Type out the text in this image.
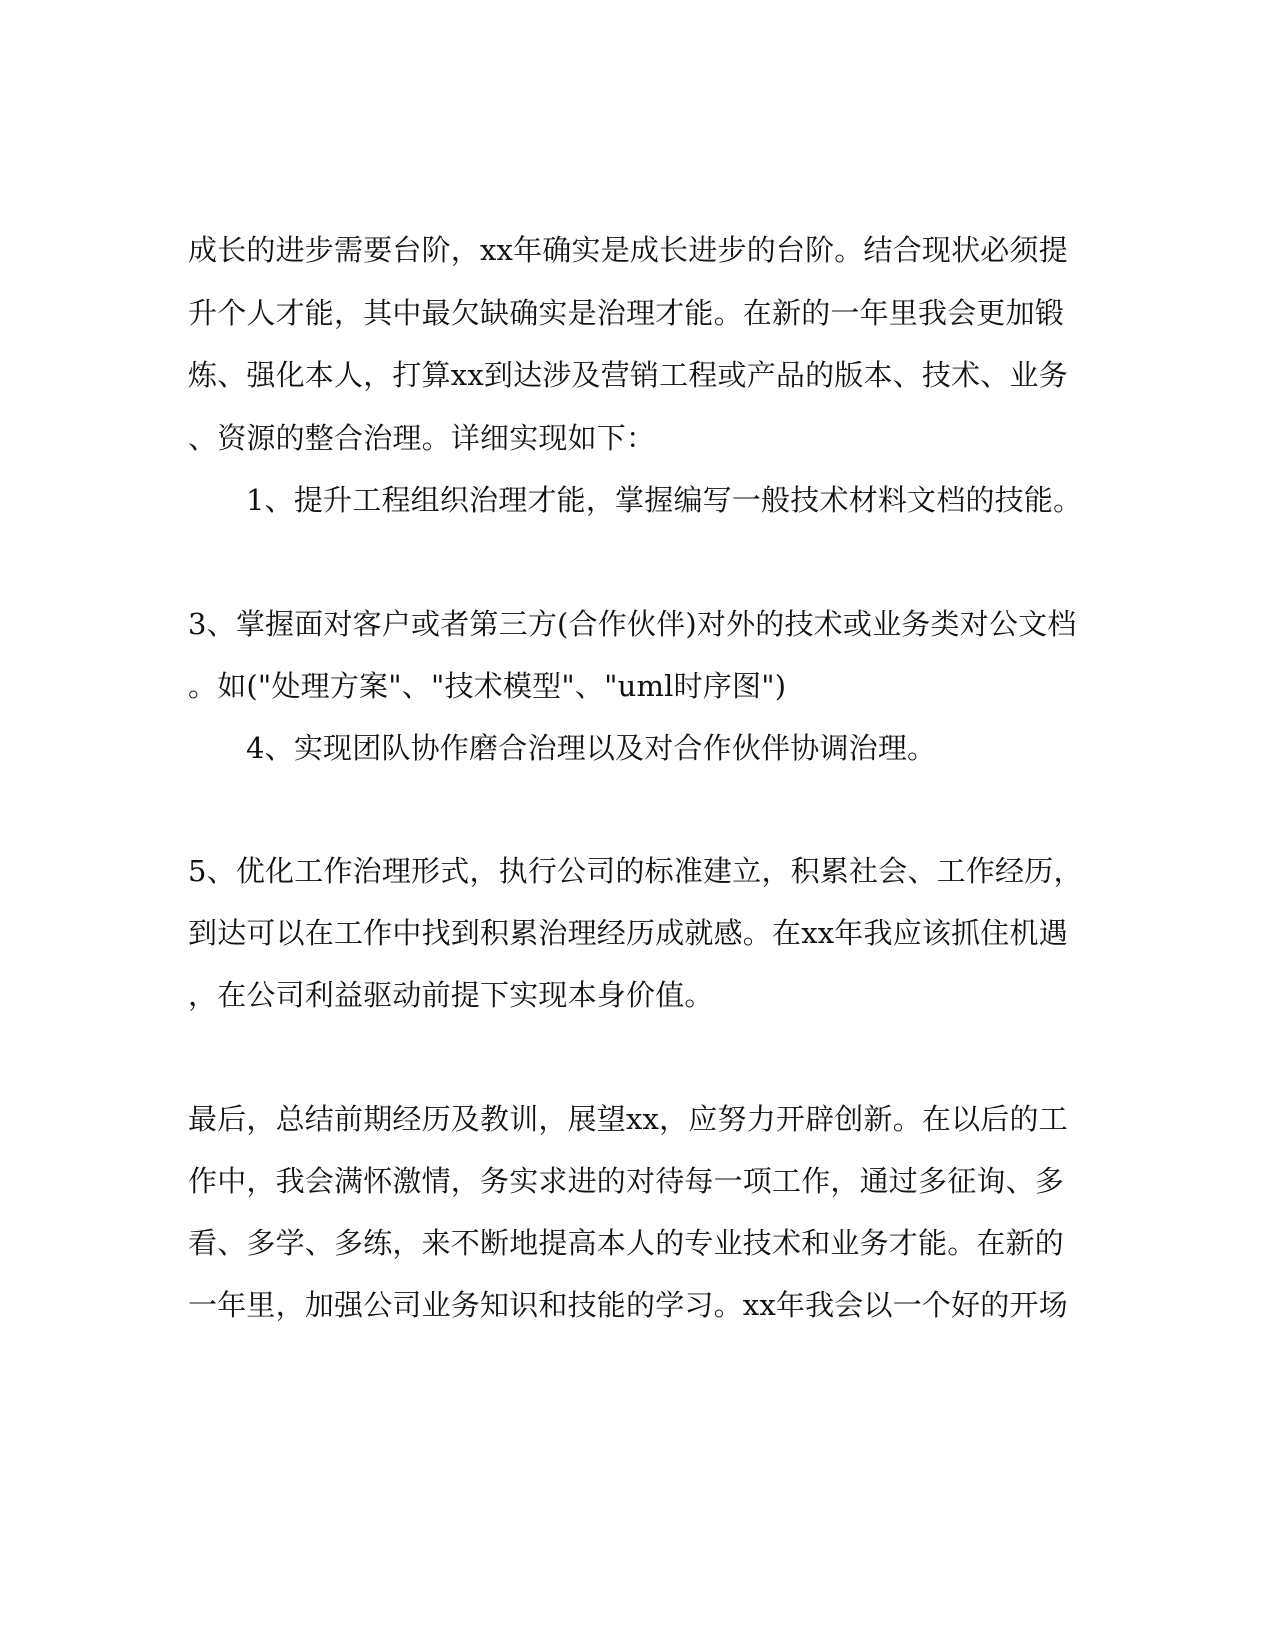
成长的进步需要台阶，xx年确实是成长进步的台阶。结合现状必须提
升个人才能，其中最欠缺确实是治理才能。在新的一年里我会更加锻
炼、强化本人，打算xx到达涉及营销工程或产品的版本、技术、业务
、资源的整合治理。详细实现如下：
1、提升工程组织治理才能，掌握编写一般技术材料文档的技能。
3、掌握面对客户或者第三方(合作伙伴)对外的技术或业务类对公文档
。如("处理方案"、"技术模型"、"uml时序图")
4、实现团队协作磨合治理以及对合作伙伴协调治理。
5、优化工作治理形式，执行公司的标准建立，积累社会、工作经历，
到达可以在工作中找到积累治理经历成就感。在xx年我应该抓住机遇
，在公司利益驱动前提下实现本身价值。
最后，总结前期经历及教训，展望xx，应努力开辟创新。在以后的工
作中，我会满怀激情，务实求进的对待每一项工作，通过多征询、多
看、多学、多练，来不断地提高本人的专业技术和业务才能。在新的
一年里，加强公司业务知识和技能的学习。xx年我会以一个好的开场
